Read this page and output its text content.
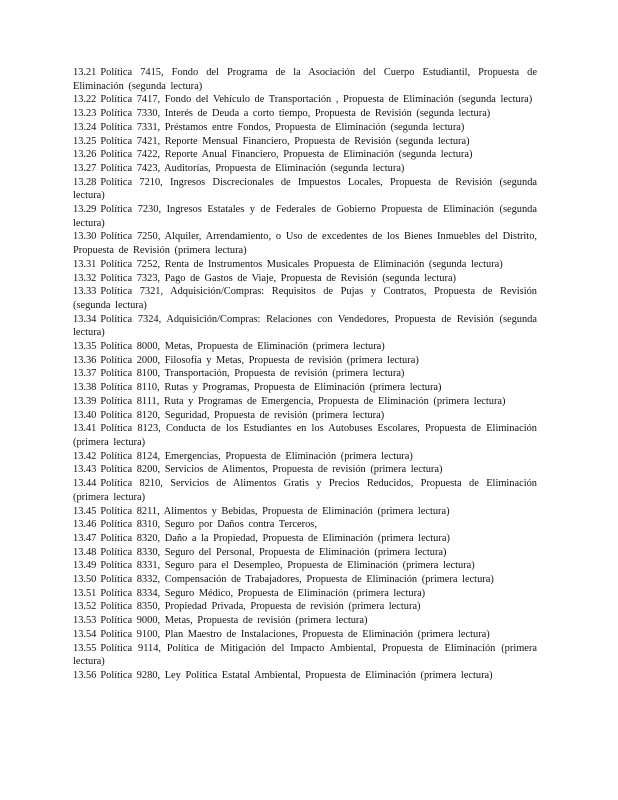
13.21 Política 7415, Fondo del Programa de la Asociación del Cuerpo Estudiantil, Propuesta de Eliminación (segunda lectura)

13.22 Política 7417, Fondo del Vehículo de Transportación , Propuesta de Eliminación (segunda lectura)

13.23 Política 7330, Interés de Deuda a corto tiempo, Propuesta de Revisión (segunda lectura)

13.24 Política 7331, Préstamos entre Fondos, Propuesta de Eliminación (segunda lectura)

13.25 Política 7421, Reporte Mensual Financiero, Propuesta de Revisión (segunda lectura)

13.26 Política 7422, Reporte Anual Financiero, Propuesta de Eliminación (segunda lectura)

13.27 Política 7423, Auditorías, Propuesta de Eliminación (segunda lectura)

13.28 Política 7210, Ingresos Discrecionales de Impuestos Locales, Propuesta de Revisión (segunda lectura)

13.29 Política 7230, Ingresos Estatales y de Federales de Gobierno Propuesta de Eliminación (segunda lectura)

13.30 Política 7250, Alquiler, Arrendamiento, o Uso de excedentes de los Bienes Inmuebles del Distrito, Propuesta de Revisión (primera lectura)

13.31 Política 7252, Renta de Instrumentos Musicales Propuesta de Eliminación (segunda lectura)

13.32 Política 7323, Pago de Gastos de Viaje, Propuesta de Revisión (segunda lectura)

13.33 Política 7321, Adquisición/Compras: Requisitos de Pujas y Contratos, Propuesta de Revisión (segunda lectura)

13.34 Política 7324, Adquisición/Compras: Relaciones con Vendedores, Propuesta de Revisión (segunda lectura)

13.35 Política 8000, Metas, Propuesta de Eliminación (primera lectura)

13.36 Política 2000, Filosofía y Metas, Propuesta de revisión (primera lectura)

13.37 Política 8100, Transportación, Propuesta de revisión (primera lectura)

13.38 Política 8110, Rutas y Programas, Propuesta de Eliminación (primera lectura)

13.39 Política 8111, Ruta y Programas de Emergencia, Propuesta de Eliminación (primera lectura)

13.40 Política 8120, Seguridad, Propuesta de revisión (primera lectura)

13.41 Política 8123, Conducta de los Estudiantes en los Autobuses Escolares, Propuesta de Eliminación (primera lectura)

13.42 Política 8124, Emergencias, Propuesta de Eliminación (primera lectura)

13.43 Política 8200, Servicios de Alimentos, Propuesta de revisión (primera lectura)

13.44 Política 8210, Servicios de Alimentos Gratis y Precios Reducidos, Propuesta de Eliminación (primera lectura)

13.45 Política 8211, Alimentos y Bebidas, Propuesta de Eliminación (primera lectura)

13.46 Política 8310, Seguro por Daños contra Terceros,

13.47 Política 8320, Daño a la Propiedad, Propuesta de Eliminación (primera lectura)

13.48 Política 8330, Seguro del Personal, Propuesta de Eliminación (primera lectura)

13.49 Política 8331, Seguro para el Desempleo, Propuesta de Eliminación (primera lectura)

13.50 Política 8332, Compensación de Trabajadores, Propuesta de Eliminación (primera lectura)

13.51 Política 8334, Seguro Médico, Propuesta de Eliminación (primera lectura)

13.52 Política 8350, Propiedad Privada, Propuesta de revisión (primera lectura)

13.53 Política 9000, Metas, Propuesta de revisión (primera lectura)

13.54 Política 9100, Plan Maestro de Instalaciones, Propuesta de Eliminación (primera lectura)

13.55 Política 9114, Política de Mitigación del Impacto Ambiental, Propuesta de Eliminación (primera lectura)

13.56 Política 9280, Ley Política Estatal Ambiental, Propuesta de Eliminación (primera lectura)
